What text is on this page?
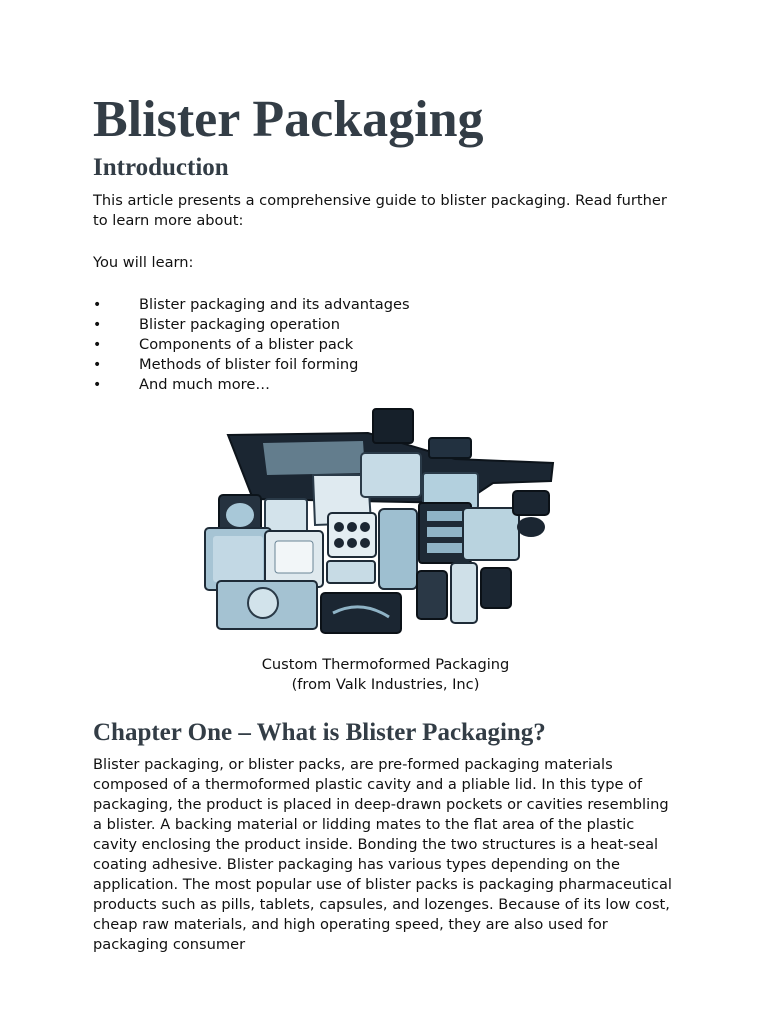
Blister Packaging
Introduction

This article presents a comprehensive guide to blister packaging. Read further to learn more about:

You will learn:

•	Blister packaging and its advantages
•	Blister packaging operation
•	Components of a blister pack
•	Methods of blister foil forming
•	And much more…
Custom Thermoformed Packaging
(from Valk Industries, Inc)
Chapter One – What is Blister Packaging?

Blister packaging, or blister packs, are pre-formed packaging materials composed of a thermoformed plastic cavity and a pliable lid. In this type of packaging, the product is placed in deep-drawn pockets or cavities resembling a blister. A backing material or lidding mates to the flat area of the plastic cavity enclosing the product inside. Bonding the two structures is a heat-seal coating adhesive. Blister packaging has various types depending on the application. The most popular use of blister packs is packaging pharmaceutical products such as pills, tablets, capsules, and lozenges. Because of its low cost, cheap raw materials, and high operating speed, they are also used for packaging consumer
